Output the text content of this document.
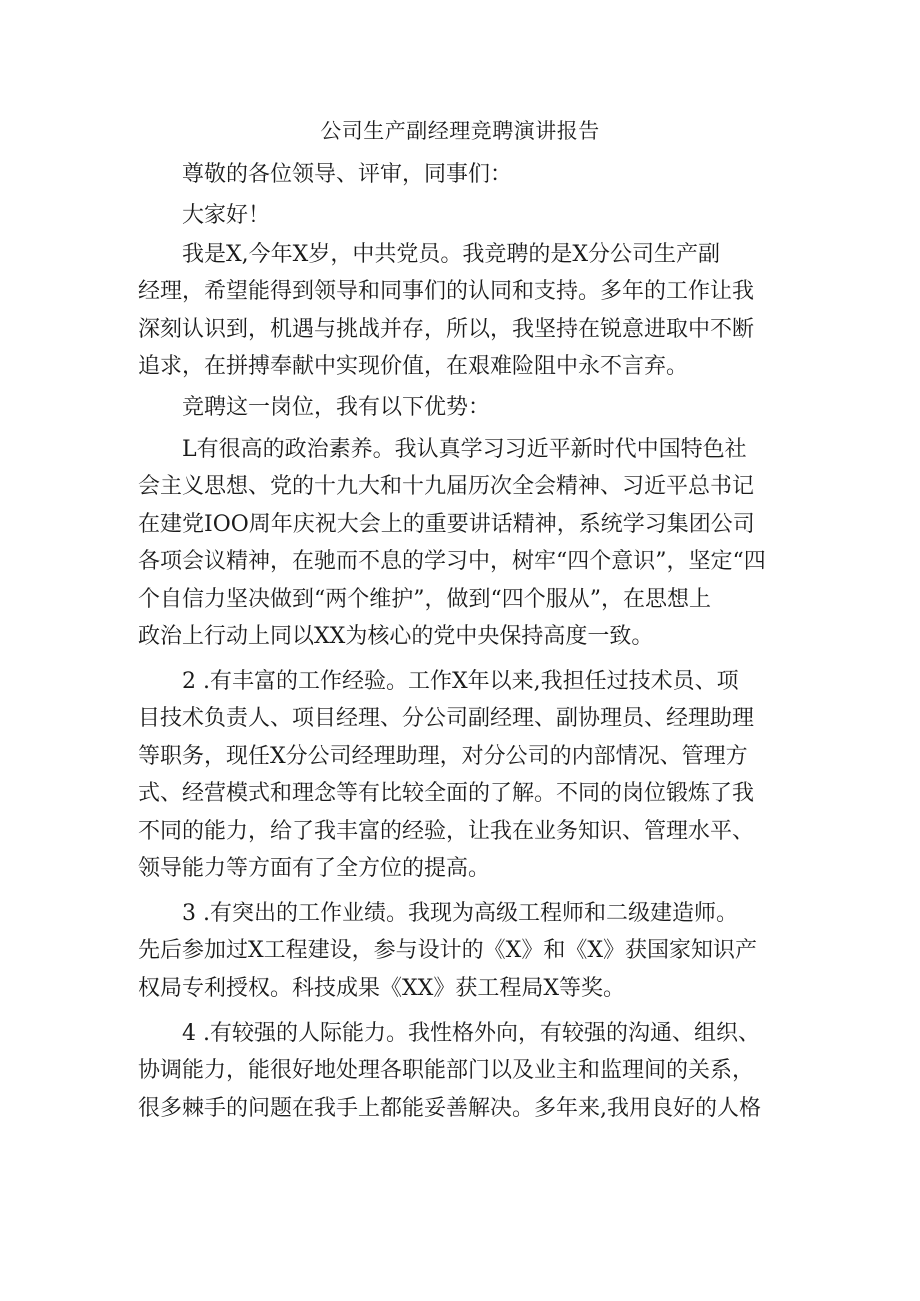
公司生产副经理竞聘演讲报告

尊敬的各位领导、评审，同事们：

大家好！

我是X,今年X岁，中共党员。我竞聘的是X分公司生产副

经理，希望能得到领导和同事们的认同和支持。多年的工作让我

深刻认识到，机遇与挑战并存，所以，我坚持在锐意进取中不断

追求，在拼搏奉献中实现价值，在艰难险阻中永不言弃。

竞聘这一岗位，我有以下优势：

L有很高的政治素养。我认真学习习近平新时代中国特色社

会主义思想、党的十九大和十九届历次全会精神、习近平总书记

在建党IOO周年庆祝大会上的重要讲话精神，系统学习集团公司

各项会议精神，在驰而不息的学习中，树牢“四个意识”，坚定“四

个自信力坚决做到“两个维护”，做到“四个服从”，在思想上

政治上行动上同以XX为核心的党中央保持高度一致。

2 .有丰富的工作经验。工作X年以来,我担任过技术员、项

目技术负责人、项目经理、分公司副经理、副协理员、经理助理

等职务，现任X分公司经理助理，对分公司的内部情况、管理方

式、经营模式和理念等有比较全面的了解。不同的岗位锻炼了我

不同的能力，给了我丰富的经验，让我在业务知识、管理水平、

领导能力等方面有了全方位的提高。

3 .有突出的工作业绩。我现为高级工程师和二级建造师。

先后参加过X工程建设，参与设计的《X》和《X》获国家知识产

权局专利授权。科技成果《XX》获工程局X等奖。

4 .有较强的人际能力。我性格外向，有较强的沟通、组织、

协调能力，能很好地处理各职能部门以及业主和监理间的关系，

很多棘手的问题在我手上都能妥善解决。多年来,我用良好的人格
